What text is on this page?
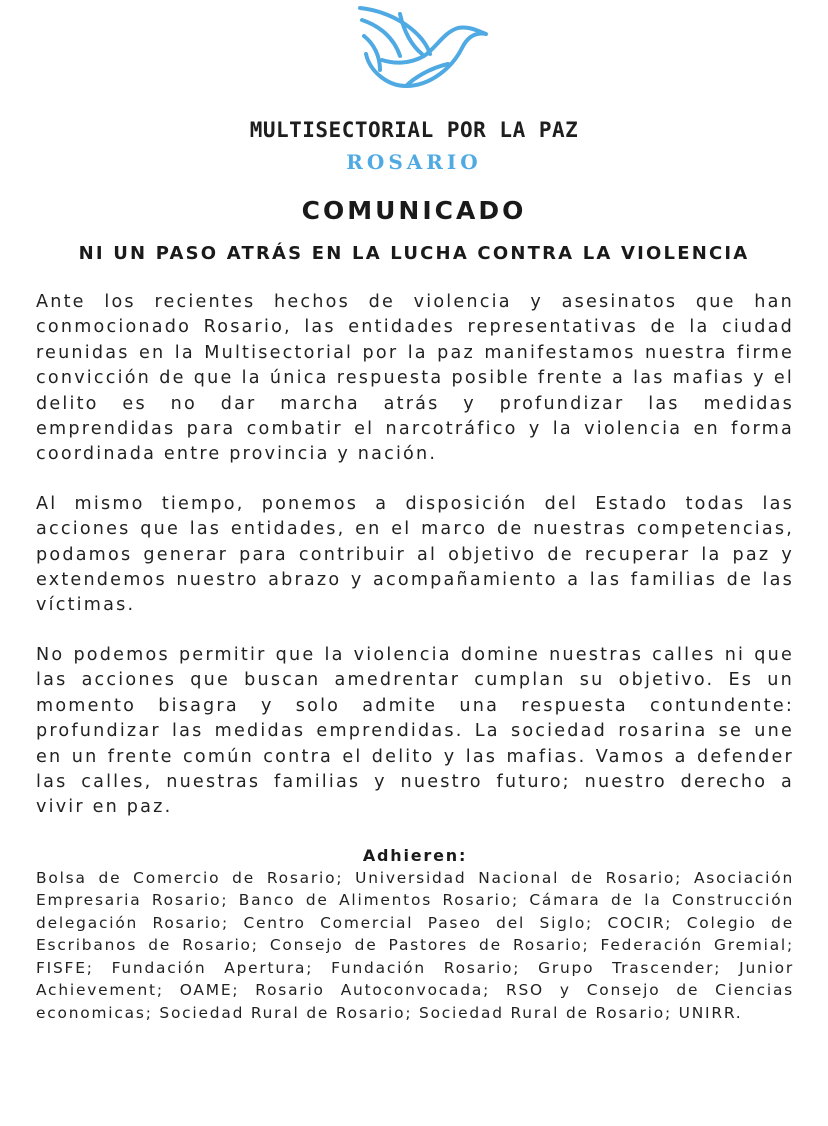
MULTISECTORIAL POR LA PAZ
ROSARIO
COMUNICADO
NI UN PASO ATRÁS EN LA LUCHA CONTRA LA VIOLENCIA

Ante los recientes hechos de violencia y asesinatos que han conmocionado Rosario, las entidades representativas de la ciudad reunidas en la Multisectorial por la paz manifestamos nuestra firme convicción de que la única respuesta posible frente a las mafias y el delito es no dar marcha atrás y profundizar las medidas emprendidas para combatir el narcotráfico y la violencia en forma coordinada entre provincia y nación.

Al mismo tiempo, ponemos a disposición del Estado todas las acciones que las entidades, en el marco de nuestras competencias, podamos generar para contribuir al objetivo de recuperar la paz y extendemos nuestro abrazo y acompañamiento a las familias de las víctimas.

No podemos permitir que la violencia domine nuestras calles ni que las acciones que buscan amedrentar cumplan su objetivo. Es un momento bisagra y solo admite una respuesta contundente: profundizar las medidas emprendidas. La sociedad rosarina se une en un frente común contra el delito y las mafias. Vamos a defender las calles, nuestras familias y nuestro futuro; nuestro derecho a vivir en paz.

Adhieren:

Bolsa de Comercio de Rosario; Universidad Nacional de Rosario; Asociación Empresaria Rosario; Banco de Alimentos Rosario; Cámara de la Construcción delegación Rosario; Centro Comercial Paseo del Siglo; COCIR; Colegio de Escribanos de Rosario; Consejo de Pastores de Rosario; Federación Gremial; FISFE; Fundación Apertura; Fundación Rosario; Grupo Trascender; Junior Achievement; OAME; Rosario Autoconvocada; RSO y Consejo de Ciencias economicas; Sociedad Rural de Rosario; Sociedad Rural de Rosario; UNIRR.
